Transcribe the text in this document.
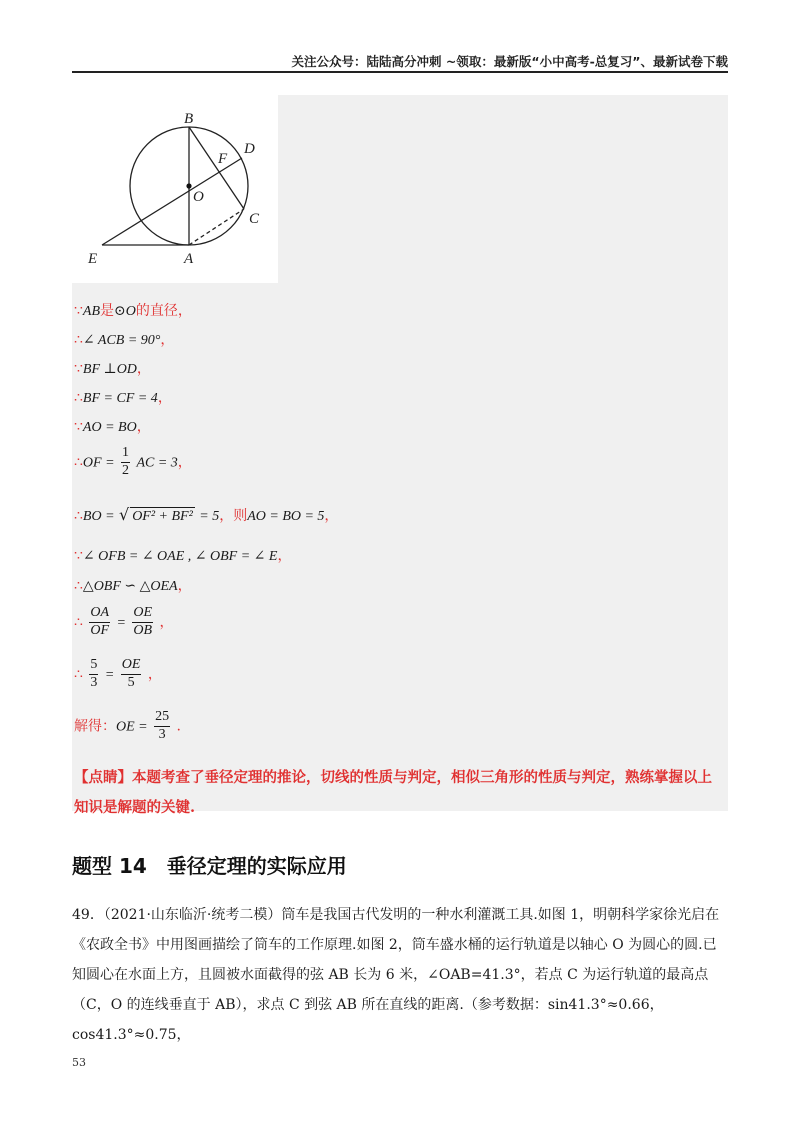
关注公众号：陆陆高分冲刺 ~领取：最新版“小中高考-总复习”、最新试卷下载
B
D
F
O
C
E	A
∵AB是⊙O的直径，
∴∠ ACB = 90°，
∵BF ⊥OD，
∴BF = CF = 4，
∵AO = BO，
∴OF = $\frac{1}{2}$ AC = 3，
∴BO = √ OF² + BF² = 5，则AO = BO = 5，
∵∠ OFB = ∠ OAE , ∠ OBF = ∠ E，
∴△OBF ∽ △OEA，
∴ $\frac{OA}{OF} = \frac{OE}{OB}$ ，
∴ $\frac{5}{3} = \frac{OE}{5}$ ，
解得：OE = $\frac{25}{3}$ .
【点睛】本题考查了垂径定理的推论，切线的性质与判定，相似三角形的性质与判定，熟练掌握以上知识是解题的关键.
题型 14　垂径定理的实际应用

49．（2021·山东临沂·统考二模）筒车是我国古代发明的一种水利灌溉工具.如图 1，明朝科学家徐光启在《农政全书》中用图画描绘了筒车的工作原理.如图 2，筒车盛水桶的运行轨道是以轴心 O 为圆心的圆.已知圆心在水面上方，且圆被水面截得的弦 AB 长为 6 米，∠OAB=41.3°，若点 C 为运行轨道的最高点（C，O 的连线垂直于 AB），求点 C 到弦 AB 所在直线的距离.（参考数据：sin41.3°≈0.66，cos41.3°≈0.75，

53
